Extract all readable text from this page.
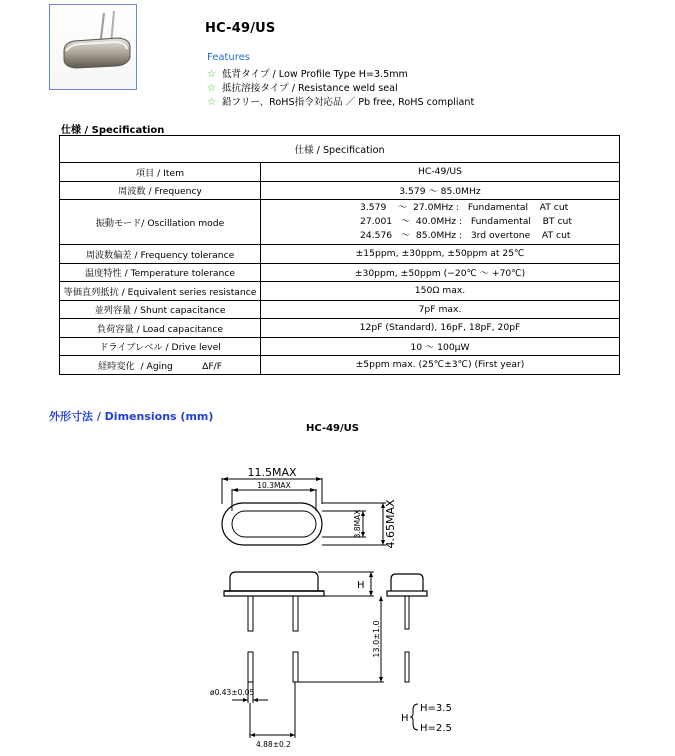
HC-49/US
Features
☆ 低背タイプ / Low Profile Type H=3.5mm
☆ 抵抗溶接タイプ / Resistance weld seal
☆ 鉛フリー、RoHS指令対応品 ／ Pb free, RoHS compliant
仕様 / Specification
仕様 / Specification	
項目 / Item	HC-49/US
周波数 / Frequency	3.579 ～ 85.0MHz
振動モード/ Oscillation mode	3.579    ～  27.0MHz :   Fundamental    AT cut
27.001   ～  40.0MHz :   Fundamental    BT cut
24.576   ～  85.0MHz :   3rd overtone    AT cut

周波数偏差 / Frequency tolerance	±15ppm, ±30ppm, ±50ppm at 25℃
温度特性 / Temperature tolerance	±30ppm, ±50ppm (−20℃ ～ +70℃)
等価直列抵抗 / Equivalent series resistance	150Ω max.
並列容量 / Shunt capacitance	7pF max.
負荷容量 / Load capacitance	12pF (Standard), 16pF, 18pF, 20pF
ドライブレベル / Drive level	10 ～ 100μW
経時変化  / Aging          ΔF/F	±5ppm max. (25℃±3℃) (First year)
外形寸法 / Dimensions (mm)
HC-49/US
11.5MAX
10.3MAX
3.8MAX 4.65MAX
H
13.0±1.0
ø0.43±0.05
4.88±0.2
H
H=3.5
H=2.5
